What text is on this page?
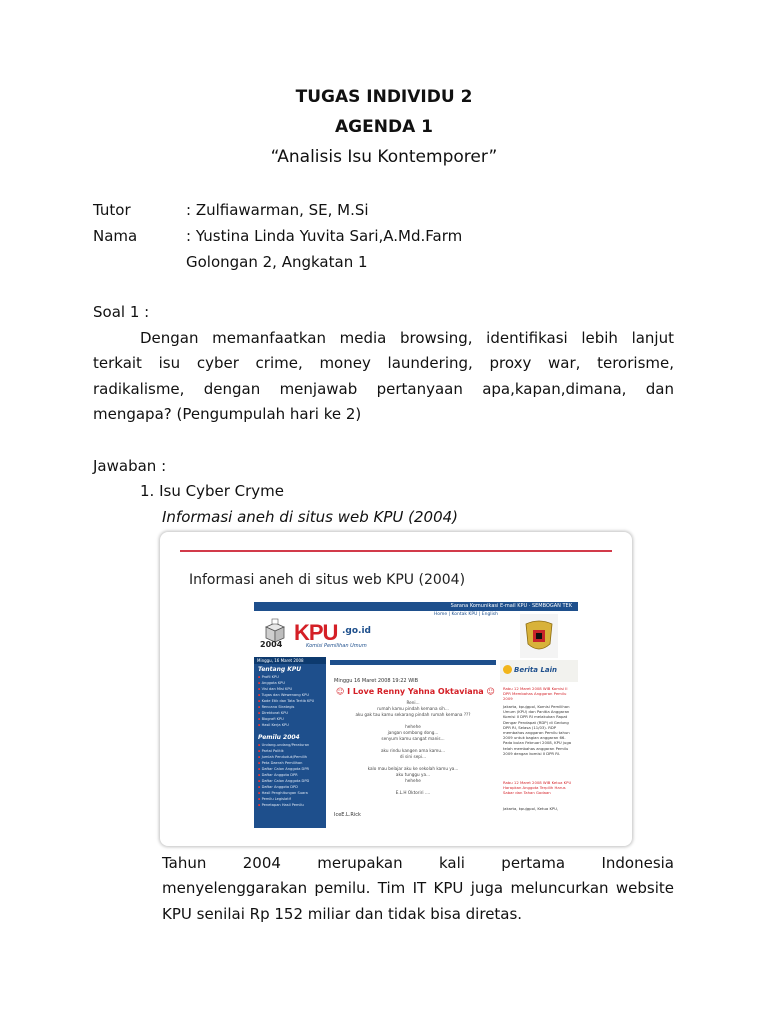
TUGAS INDIVIDU 2
AGENDA 1
“Analisis Isu Kontemporer”
Tutor	: Zulfiawarman, SE, M.Si
Nama	: Yustina Linda Yuvita Sari,A.Md.Farm
Golongan 2, Angkatan 1
Soal 1 :
Dengan memanfaatkan media browsing, identifikasi lebih lanjut
terkait isu cyber crime, money laundering, proxy war, terorisme,
radikalisme, dengan menjawab pertanyaan apa,kapan,dimana, dan
mengapa? (Pengumpulah hari ke 2)
Jawaban :
1. Isu Cyber Cryme
Informasi aneh di situs web KPU (2004)
Informasi aneh di situs web KPU (2004)
Sarana Komunikasi E-mail KPU · SEMBOGAN TEK
Home | Kontak KPU | English
2004 KPU .go.id
Komisi Pemilihan Umum
Minggu, 16 Maret 2008
Tentang KPU
▪ Profil KPU
▪ Anggota KPU
▪ Visi dan Misi KPU
▪ Tugas dan Wewenang KPU
▪ Kode Etik dan Tata Tertib KPU
▪ Rencana Strategis
▪ Direktorat KPU
▪ Biografi KPU
▪ Hasil Kerja KPU
Pemilu 2004
▪ Undang-undang/Peraturan
▪ Partai Politik
▪ Jumlah Penduduk/Pemilih
▪ Peta Daerah Pemilihan
▪ Daftar Calon Anggota DPR
▪ Daftar Anggota DPR
▪ Daftar Calon Anggota DPD
▪ Daftar Anggota DPD
▪ Hasil Penghitungan Suara
▪ Pemilu Legislatif
▪ Penetapan Hasil Pemilu
Minggu 16 Maret 2008 19:22 WIB
☺ I Love Renny Yahna Oktaviana ☺
Reni...
rumah kamu pindah kemana sih...
aku gak tau kamu sekarang pindah rumah kemana ???
hehehe
jangan sombong dong...
senyum kamu sangat manis...
aku rindu kangen ama kamu...
di sini sepi...
kalo mau belajar aku ke sekolah kamu ya...
aku tunggu ya...
hehehe
E.L.H Oktoriri ....
IceE.L.Rick
Berita Lain
Rabu 12 Maret 2008 WIB Komisi II DPR Membahas Anggaran Pemilu 2009
Jakarta, kpujgpol, Komisi Pemilihan Umum (KPU) dan Panitia Anggaran Komisi II DPR RI melakukan Rapat Dengar Pendapat (RDP) di Gedung DPR RI, Selasa (11/03). RDP membahas anggaran Pemilu tahun 2009 untuk bagian anggaran 66. Pada bulan Februari 2008, KPU juga telah membahas anggaran Pemilu 2009 dengan komisi II DPR RI.
Rabu 12 Maret 2008 WIB Ketua KPU Harapkan Anggota Terpilih Harus Sabar dan Tahan Godaan
Jakarta, kpujgpol, Ketua KPU,
Tahun 2004 merupakan kali pertama Indonesia
menyelenggarakan pemilu. Tim IT KPU juga meluncurkan website
KPU senilai Rp 152 miliar dan tidak bisa diretas.
